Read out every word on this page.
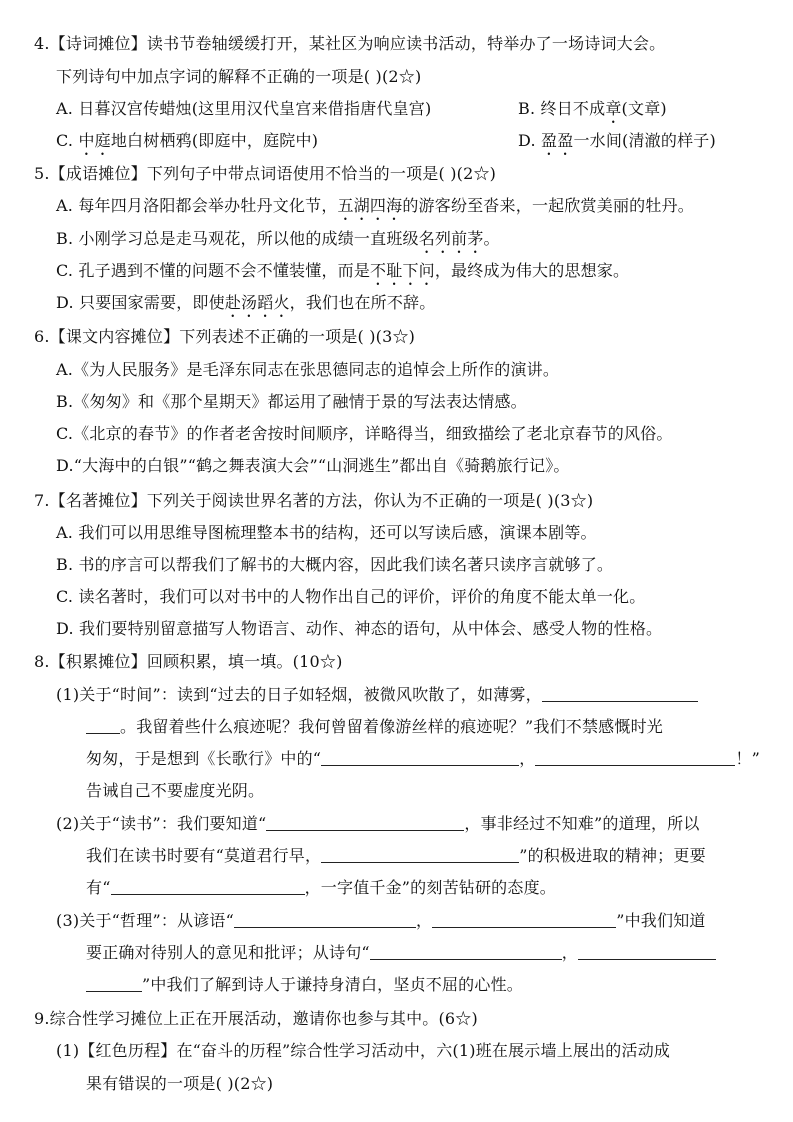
4.【诗词摊位】读书节卷轴缓缓打开，某社区为响应读书活动，特举办了一场诗词大会。
下列诗句中加点字词的解释不正确的一项是( )(2☆)
A. 日暮汉宫传蜡烛(这里用汉代皇宫来借指唐代皇宫)	B. 终日不成章(文章)
C. 中庭地白树栖鸦(即庭中，庭院中)	D. 盈盈一水间(清澈的样子)
5.【成语摊位】下列句子中带点词语使用不恰当的一项是( )(2☆)
A. 每年四月洛阳都会举办牡丹文化节，五湖四海的游客纷至沓来，一起欣赏美丽的牡丹。
B. 小刚学习总是走马观花，所以他的成绩一直班级名列前茅。
C. 孔子遇到不懂的问题不会不懂装懂，而是不耻下问，最终成为伟大的思想家。
D. 只要国家需要，即使赴汤蹈火，我们也在所不辞。
6.【课文内容摊位】下列表述不正确的一项是( )(3☆)
A.《为人民服务》是毛泽东同志在张思德同志的追悼会上所作的演讲。
B.《匆匆》和《那个星期天》都运用了融情于景的写法表达情感。
C.《北京的春节》的作者老舍按时间顺序，详略得当，细致描绘了老北京春节的风俗。
D.“大海中的白银”“鹤之舞表演大会”“山洞逃生”都出自《骑鹅旅行记》。
7.【名著摊位】下列关于阅读世界名著的方法，你认为不正确的一项是( )(3☆)
A. 我们可以用思维导图梳理整本书的结构，还可以写读后感，演课本剧等。
B. 书的序言可以帮我们了解书的大概内容，因此我们读名著只读序言就够了。
C. 读名著时，我们可以对书中的人物作出自己的评价，评价的角度不能太单一化。
D. 我们要特别留意描写人物语言、动作、神态的语句，从中体会、感受人物的性格。
8.【积累摊位】回顾积累，填一填。(10☆)
(1)关于“时间”：读到“过去的日子如轻烟，被微风吹散了，如薄雾，
。我留着些什么痕迹呢？我何曾留着像游丝样的痕迹呢？”我们不禁感慨时光
匆匆，于是想到《长歌行》中的“	，	！”
告诫自己不要虚度光阴。
(2)关于“读书”：我们要知道“	，事非经过不知难”的道理，所以
我们在读书时要有“莫道君行早，	”的积极进取的精神；更要
有“	，一字值千金”的刻苦钻研的态度。
(3)关于“哲理”：从谚语“	，	”中我们知道
要正确对待别人的意见和批评；从诗句“	，
”中我们了解到诗人于谦持身清白，坚贞不屈的心性。
9.综合性学习摊位上正在开展活动，邀请你也参与其中。(6☆)
(1)【红色历程】在“奋斗的历程”综合性学习活动中，六(1)班在展示墙上展出的活动成
果有错误的一项是( )(2☆)
